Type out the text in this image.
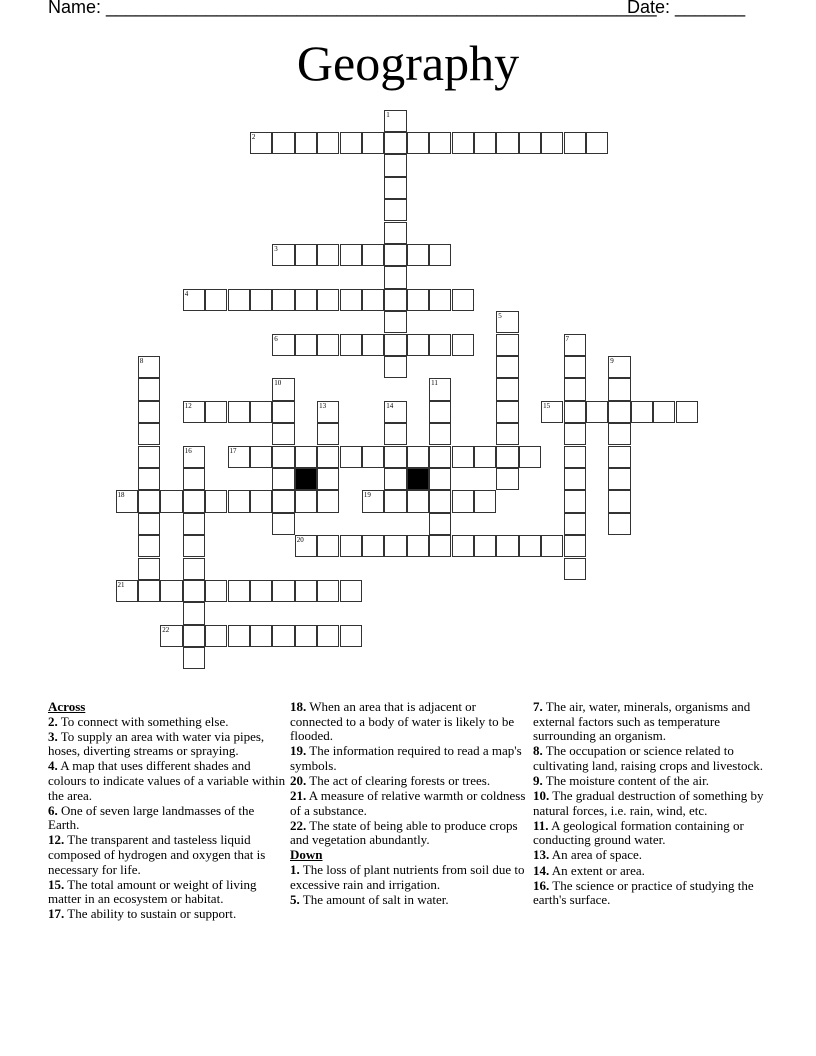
Name: _______________________________________________________
Date: _______
Geography
1
2
3
4
5
6	7
8	9
10	11
12	13	14	15
16	17
18	19
20
21
22
Across
2. To connect with something else.
3. To supply an area with water via pipes, hoses, diverting streams or spraying.
4. A map that uses different shades and colours to indicate values of a variable within the area.
6. One of seven large landmasses of the Earth.
12. The transparent and tasteless liquid composed of hydrogen and oxygen that is necessary for life.
15. The total amount or weight of living matter in an ecosystem or habitat.
17. The ability to sustain or support.
18. When an area that is adjacent or connected to a body of water is likely to be flooded.
19. The information required to read a map's symbols.
20. The act of clearing forests or trees.
21. A measure of relative warmth or coldness of a substance.
22. The state of being able to produce crops and vegetation abundantly.
Down
1. The loss of plant nutrients from soil due to excessive rain and irrigation.
5. The amount of salt in water.
7. The air, water, minerals, organisms and external factors such as temperature surrounding an organism.
8. The occupation or science related to cultivating land, raising crops and livestock.
9. The moisture content of the air.
10. The gradual destruction of something by natural forces, i.e. rain, wind, etc.
11. A geological formation containing or conducting ground water.
13. An area of space.
14. An extent or area.
16. The science or practice of studying the earth's surface.
